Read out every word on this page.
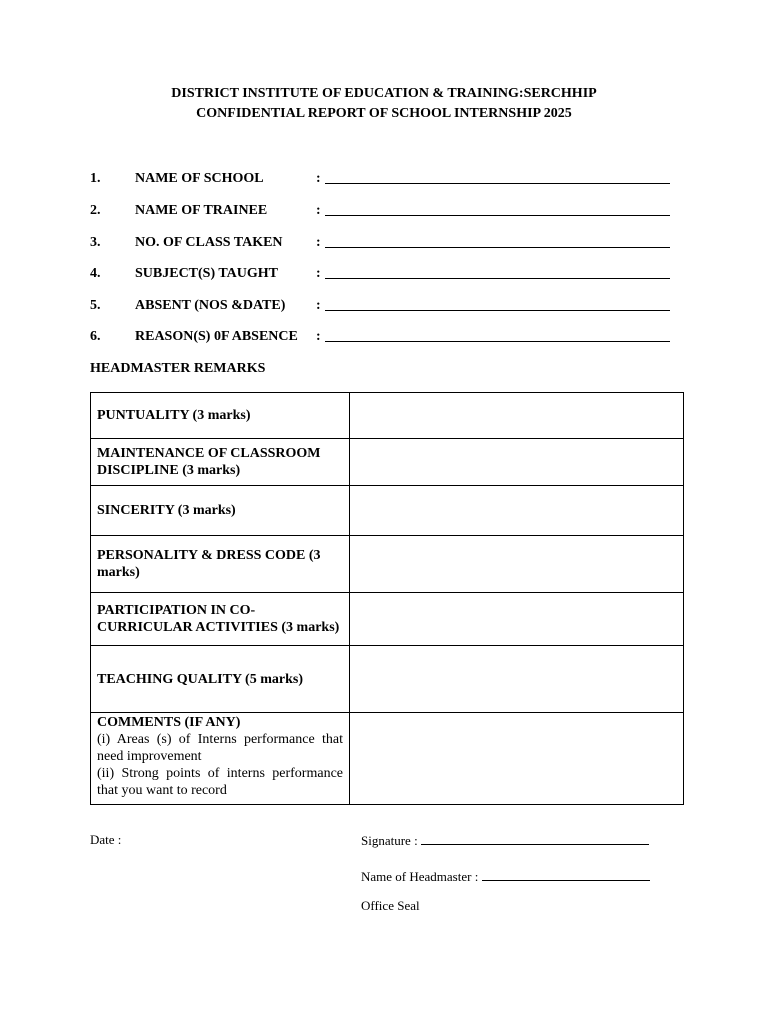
DISTRICT INSTITUTE OF EDUCATION & TRAINING:SERCHHIP
CONFIDENTIAL REPORT OF SCHOOL INTERNSHIP 2025
1. NAME OF SCHOOL	:
2. NAME OF TRAINEE	:
3. NO. OF CLASS TAKEN :
4. SUBJECT(S) TAUGHT	:
5. ABSENT (NOS &DATE) :
6. REASON(S) 0F ABSENCE :
HEADMASTER REMARKS
PUNTUALITY (3 marks)	
MAINTENANCE OF CLASSROOM DISCIPLINE (3 marks)	
SINCERITY (3 marks)	
PERSONALITY & DRESS CODE (3 marks)	
PARTICIPATION IN CO-CURRICULAR ACTIVITIES (3 marks)	
TEACHING QUALITY (5 marks)	

COMMENTS (IF ANY)
(i) Areas (s) of Interns performance that need improvement
(ii) Strong points of interns performance that you want to record	

Date :	Signature :
Name of Headmaster :
Office Seal
